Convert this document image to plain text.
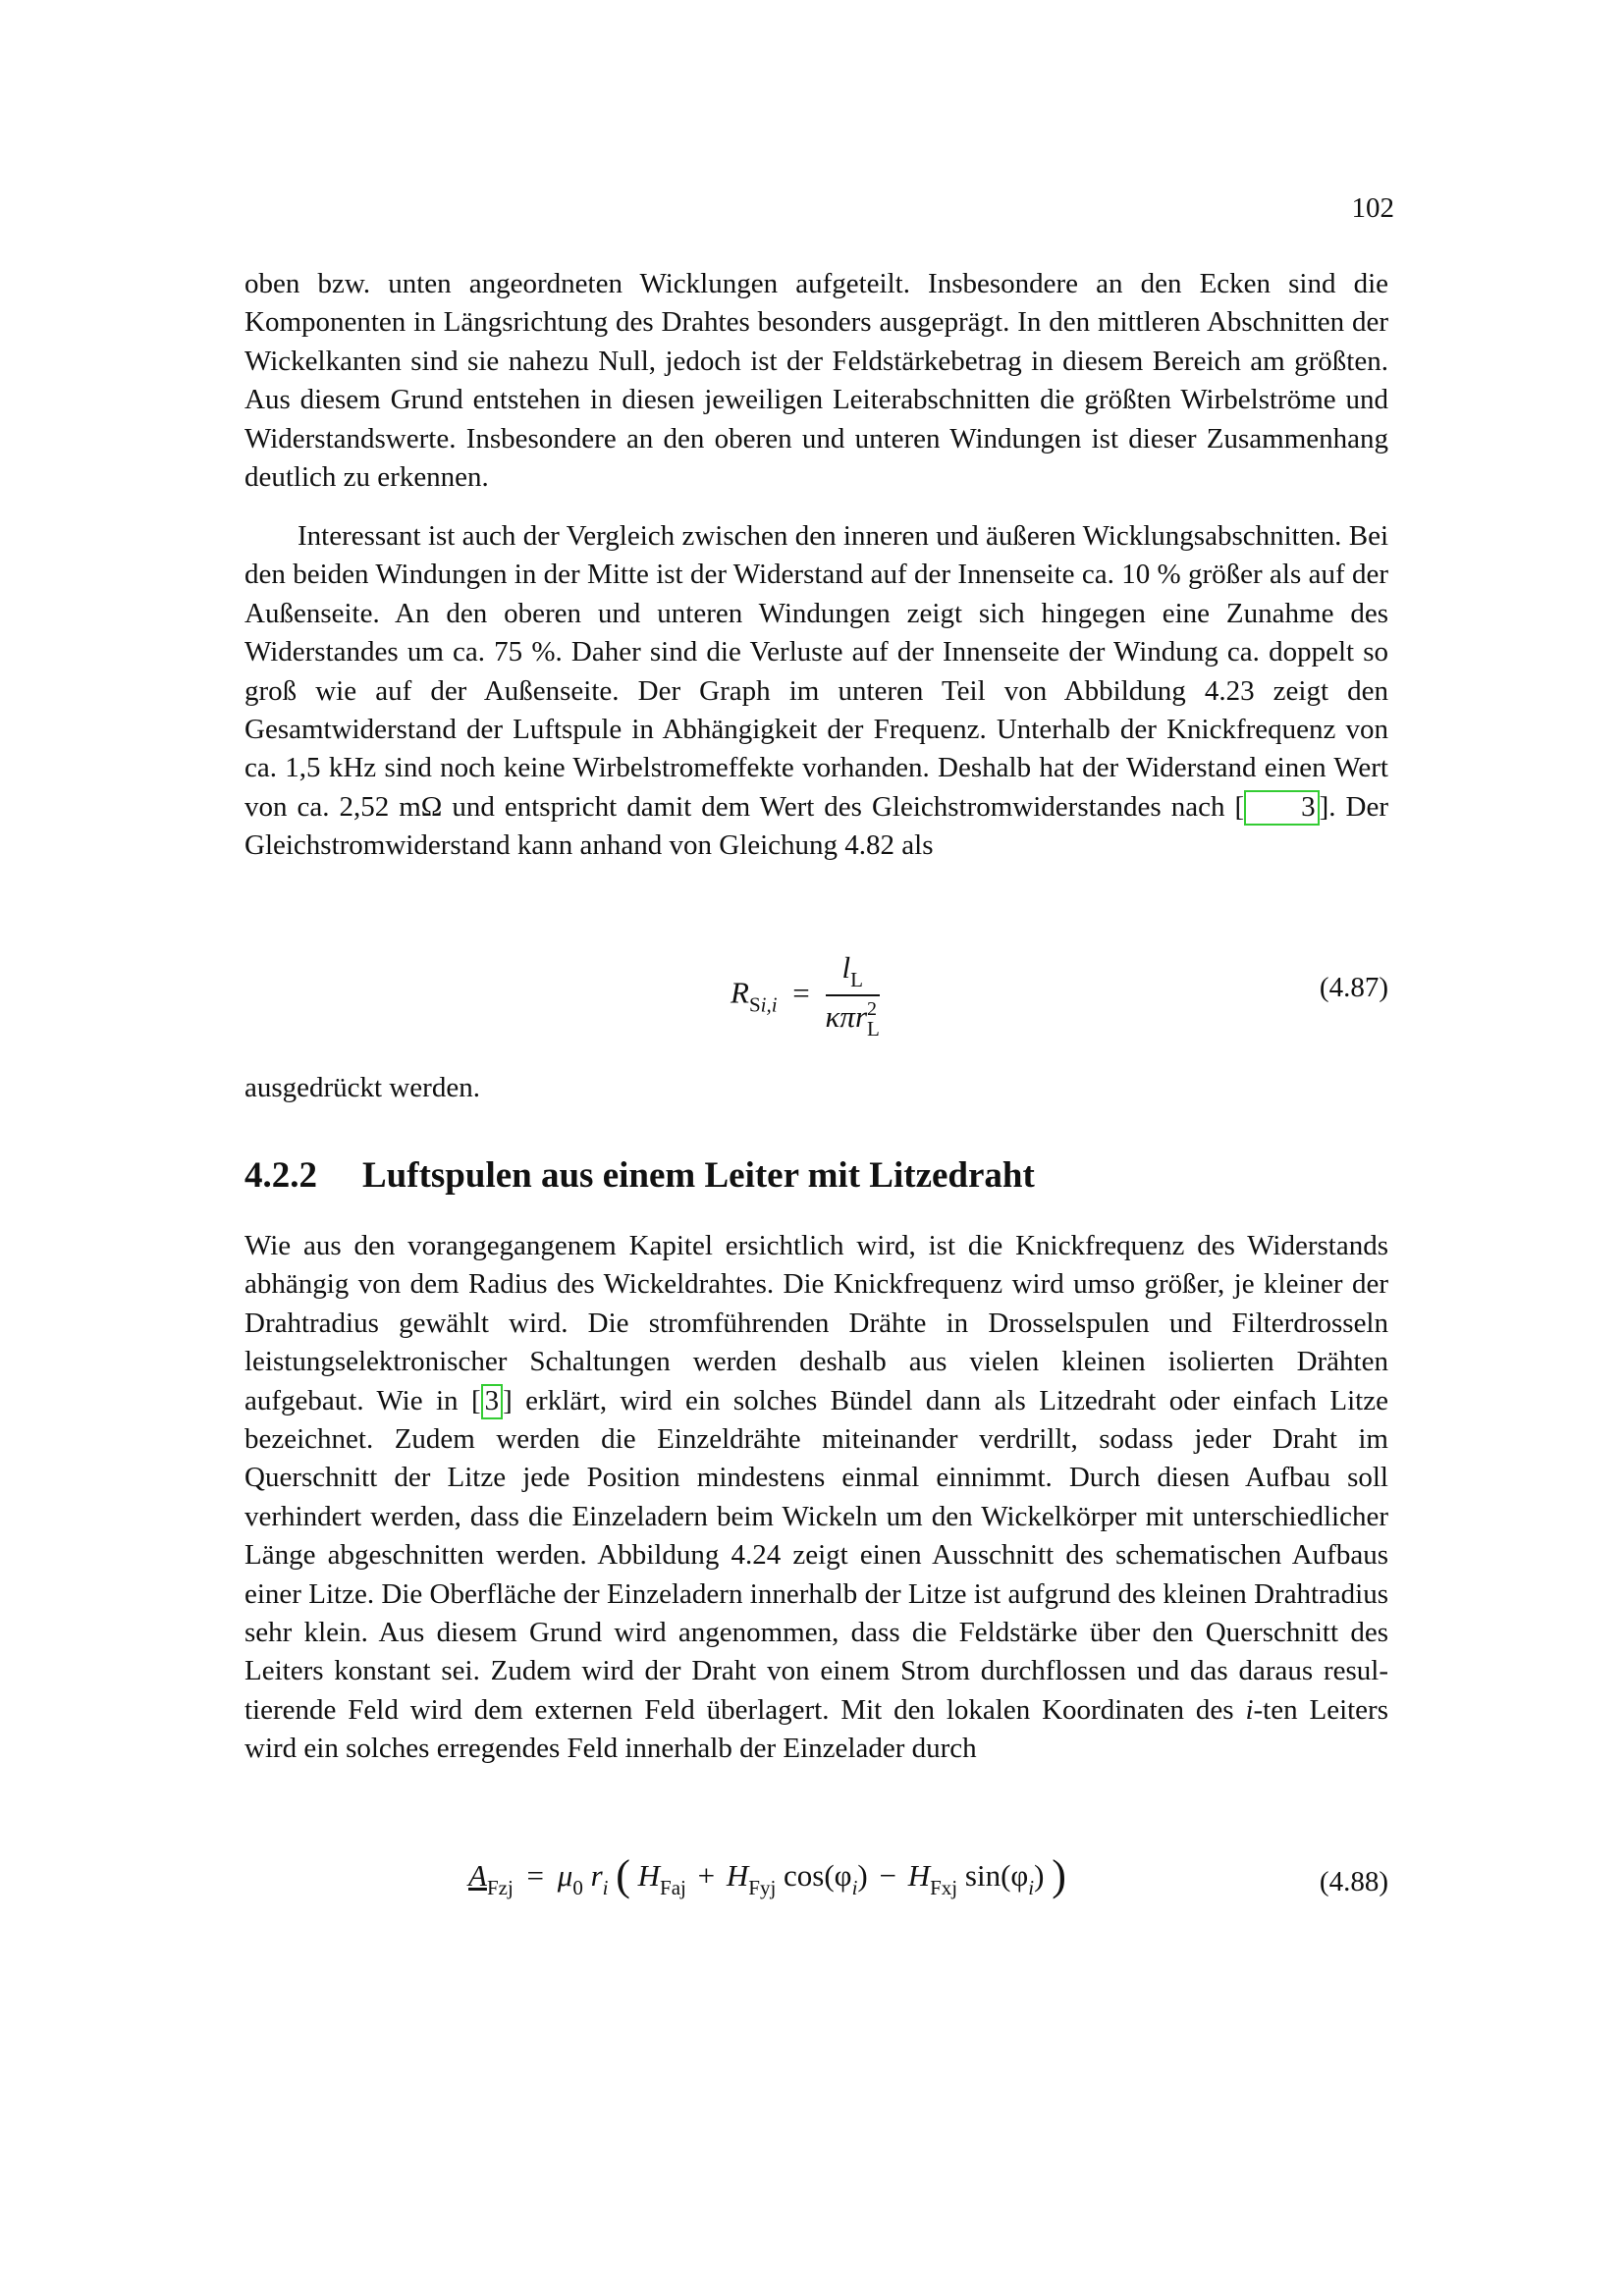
102

oben bzw. unten angeordneten Wicklungen aufgeteilt. Insbesondere an den Ecken sind die Komponenten in Längsrichtung des Drahtes besonders ausgeprägt. In den mittleren Abschnitten der Wickelkanten sind sie nahezu Null, jedoch ist der Feldstärkebetrag in diesem Bereich am größten. Aus diesem Grund entstehen in diesen jeweiligen Leiterabschnitten die größten Wirbelströme und Widerstandswerte. Insbesondere an den oberen und unteren Windungen ist dieser Zusammenhang deutlich zu erkennen.

Interessant ist auch der Vergleich zwischen den inneren und äußeren Wicklungsabschnitten. Bei den beiden Windungen in der Mitte ist der Widerstand auf der Innenseite ca. 10 % größer als auf der Außenseite. An den oberen und unteren Windungen zeigt sich hingegen eine Zunahme des Widerstandes um ca. 75 %. Daher sind die Verluste auf der Innenseite der Windung ca. doppelt so groß wie auf der Außenseite. Der Graph im unteren Teil von Abbildung 4.23 zeigt den Gesamtwiderstand der Luftspule in Abhängigkeit der Frequenz. Unterhalb der Knickfrequenz von ca. 1,5 kHz sind noch keine Wirbelstromeffekte vorhanden. Deshalb hat der Widerstand einen Wert von ca. 2,52 mΩ und entspricht damit dem Wert des Gleichstromwiderstandes nach [ 3 ]. Der Gleichstromwiderstand kann anhand von Gleichung 4.82 als

$R_{Si,i} = \frac{l_L}{\kappa\pi r^2_L}$	(4.87)

ausgedrückt werden.

4.2.2 Luftspulen aus einem Leiter mit Litzedraht

Wie aus den vorangegangenem Kapitel ersichtlich wird, ist die Knickfrequenz des Widerstands abhängig von dem Radius des Wickeldrahtes. Die Knickfrequenz wird umso größer, je kleiner der Drahtradius gewählt wird. Die stromführenden Drähte in Drosselspulen und Filterdrosseln leistungselektronischer Schaltungen werden deshalb aus vielen kleinen isolierten Drähten aufgebaut. Wie in [ 3 ] erklärt, wird ein solches Bündel dann als Litzedraht oder einfach Litze bezeichnet. Zudem werden die Einzeldrähte miteinander verdrillt, sodass jeder Draht im Querschnitt der Litze jede Position mindestens einmal einnimmt. Durch diesen Aufbau soll verhindert werden, dass die Einzeladern beim Wickeln um den Wickelkörper mit unterschiedlicher Länge abgeschnitten werden. Abbildung 4.24 zeigt einen Ausschnitt des schematischen Aufbaus einer Litze. Die Oberfläche der Einzeladern innerhalb der Litze ist aufgrund des kleinen Drahtradius sehr klein. Aus diesem Grund wird angenommen, dass die Feldstärke über den Querschnitt des Leiters konstant sei. Zudem wird der Draht von einem Strom durchflossen und das daraus resultierende Feld wird dem externen Feld überlagert. Mit den lokalen Koordinaten des i-ten Leiters wird ein solches erregendes Feld innerhalb der Einzelader durch

$A_{Fzj} = \mu_0$ $r_i$ ( $H_{Faj} + H_{Fyj}$ $\cos(\varphi_i) - H_{Fxj}$ $\sin(\varphi_i)$ )	(4.88)
